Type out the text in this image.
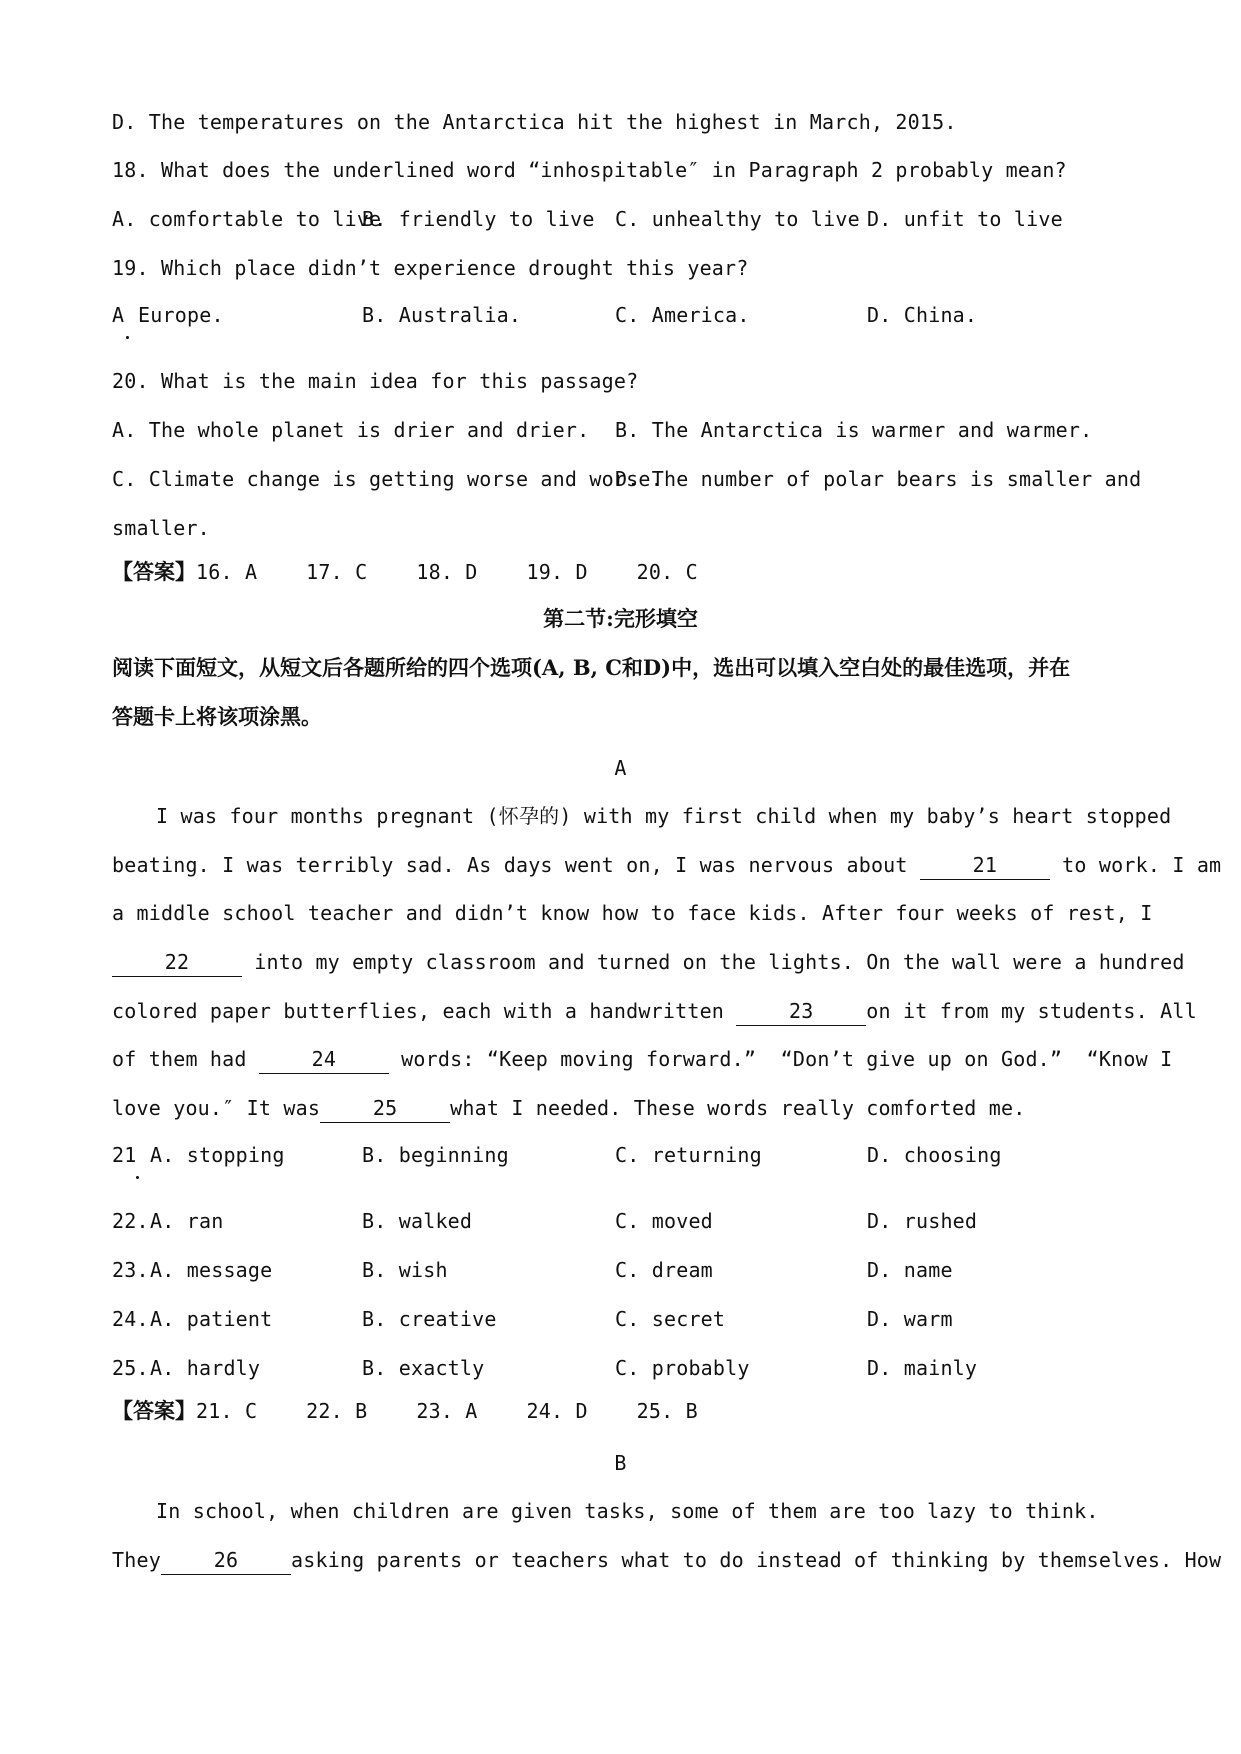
D. The temperatures on the Antarctica hit the highest in March, 2015.
18. What does the underlined word “inhospitable″ in Paragraph 2 probably mean?
A. comfortable to live
B. friendly to live C. unhealthy to live D. unfit to live
19. Which place didn’t experience drought this year?
A Europe.	B. Australia.	C. America.	D. China.
20. What is the main idea for this passage?
A. The whole planet is drier and drier. B. The Antarctica is warmer and warmer.
C. Climate change is getting worse and worse.
D. The number of polar bears is smaller and
smaller.
【答案】16. A    17. C    18. D    19. D    20. C
第二节:完形填空
阅读下面短文，从短文后各题所给的四个选项(A, B, C和D)中，选出可以填入空白处的最佳选项，并在
答题卡上将该项涂黑。
A
I was four months pregnant (怀孕的) with my first child when my baby’s heart stopped
beating. I was terribly sad. As days went on, I was nervous about	21	to work. I am
a middle school teacher and didn’t know how to face kids. After four weeks of rest, I
22	into my empty classroom and turned on the lights. On the wall were a hundred
colored paper butterflies, each with a handwritten	23	on it from my students. All
of them had	24	words: “Keep moving forward.”  “Don’t give up on God.”  “Know I
love you.″ It was	25	what I needed. These words really comforted me.
21 A. stopping	B. beginning	C. returning	D. choosing
22. A. ran	B. walked	C. moved	D. rushed
23. A. message	B. wish	C. dream	D. name
24. A. patient	B. creative	C. secret	D. warm
25. A. hardly	B. exactly	C. probably	D. mainly
【答案】21. C    22. B    23. A    24. D    25. B
B
In school, when children are given tasks, some of them are too lazy to think.
They	26	asking parents or teachers what to do instead of thinking by themselves. How
